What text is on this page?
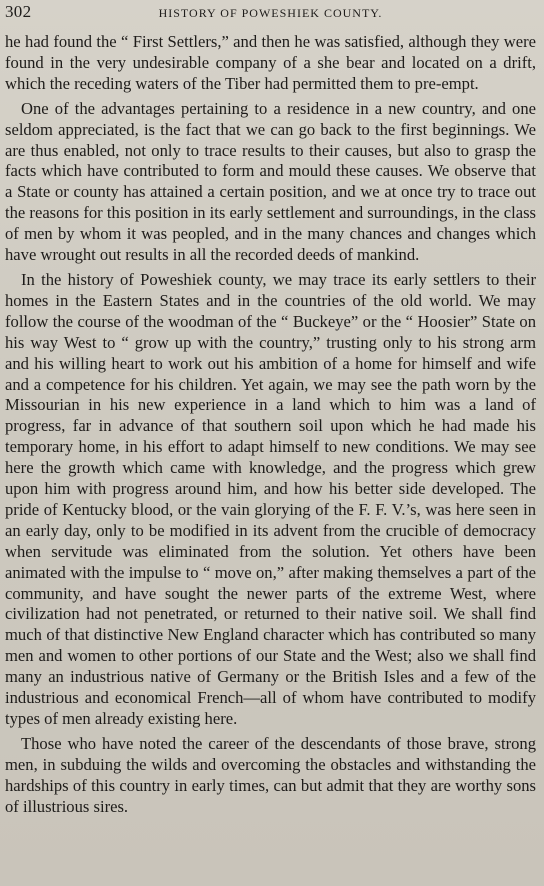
302	HISTORY OF POWESHIEK COUNTY.

he had found the “ First Settlers,” and then he was satisfied, although they were found in the very undesirable company of a she bear and located on a drift, which the receding waters of the Tiber had permitted them to pre-empt.

One of the advantages pertaining to a residence in a new country, and one seldom appreciated, is the fact that we can go back to the first beginnings. We are thus enabled, not only to trace results to their causes, but also to grasp the facts which have contributed to form and mould these causes. We observe that a State or county has attained a certain position, and we at once try to trace out the reasons for this position in its early settlement and surroundings, in the class of men by whom it was peopled, and in the many chances and changes which have wrought out results in all the recorded deeds of mankind.

In the history of Poweshiek county, we may trace its early settlers to their homes in the Eastern States and in the countries of the old world. We may follow the course of the woodman of the “ Buckeye” or the “ Hoosier” State on his way West to “ grow up with the country,” trusting only to his strong arm and his willing heart to work out his ambition of a home for himself and wife and a competence for his children. Yet again, we may see the path worn by the Missourian in his new experience in a land which to him was a land of progress, far in advance of that southern soil upon which he had made his temporary home, in his effort to adapt himself to new conditions. We may see here the growth which came with knowledge, and the progress which grew upon him with progress around him, and how his better side developed. The pride of Kentucky blood, or the vain glorying of the F. F. V.’s, was here seen in an early day, only to be modified in its advent from the crucible of democracy when servitude was eliminated from the solution. Yet others have been animated with the impulse to “ move on,” after making themselves a part of the community, and have sought the newer parts of the extreme West, where civilization had not penetrated, or returned to their native soil. We shall find much of that distinctive New England character which has contributed so many men and women to other portions of our State and the West; also we shall find many an industrious native of Germany or the British Isles and a few of the industrious and economical French—all of whom have contributed to modify types of men already existing here.

Those who have noted the career of the descendants of those brave, strong men, in subduing the wilds and overcoming the obstacles and withstanding the hardships of this country in early times, can but admit that they are worthy sons of illustrious sires.
